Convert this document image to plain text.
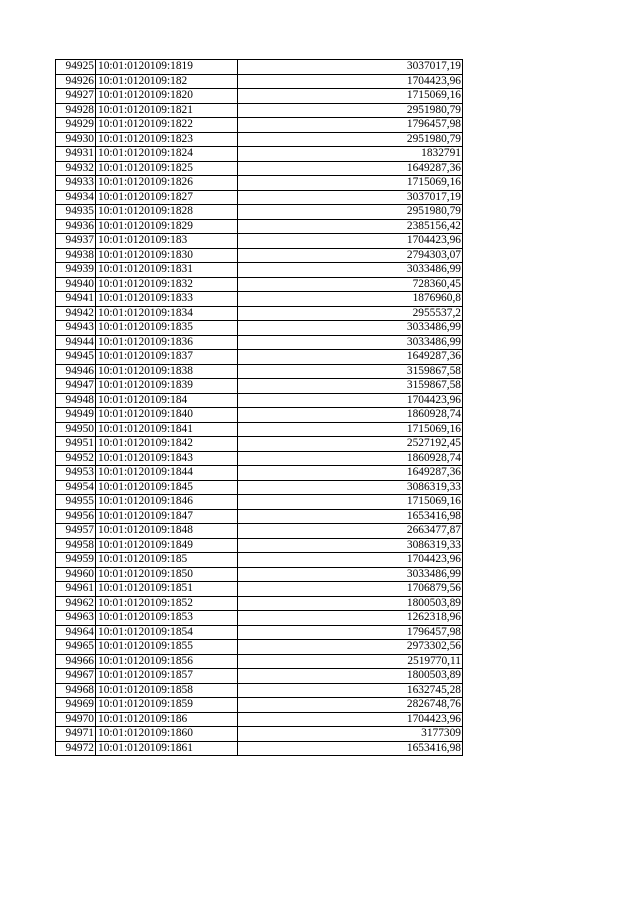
94925	10:01:0120109:1819	3037017,19
94926	10:01:0120109:182	1704423,96
94927	10:01:0120109:1820	1715069,16
94928	10:01:0120109:1821	2951980,79
94929	10:01:0120109:1822	1796457,98
94930	10:01:0120109:1823	2951980,79
94931	10:01:0120109:1824	1832791
94932	10:01:0120109:1825	1649287,36
94933	10:01:0120109:1826	1715069,16
94934	10:01:0120109:1827	3037017,19
94935	10:01:0120109:1828	2951980,79
94936	10:01:0120109:1829	2385156,42
94937	10:01:0120109:183	1704423,96
94938	10:01:0120109:1830	2794303,07
94939	10:01:0120109:1831	3033486,99
94940	10:01:0120109:1832	728360,45
94941	10:01:0120109:1833	1876960,8
94942	10:01:0120109:1834	2955537,2
94943	10:01:0120109:1835	3033486,99
94944	10:01:0120109:1836	3033486,99
94945	10:01:0120109:1837	1649287,36
94946	10:01:0120109:1838	3159867,58
94947	10:01:0120109:1839	3159867,58
94948	10:01:0120109:184	1704423,96
94949	10:01:0120109:1840	1860928,74
94950	10:01:0120109:1841	1715069,16
94951	10:01:0120109:1842	2527192,45
94952	10:01:0120109:1843	1860928,74
94953	10:01:0120109:1844	1649287,36
94954	10:01:0120109:1845	3086319,33
94955	10:01:0120109:1846	1715069,16
94956	10:01:0120109:1847	1653416,98
94957	10:01:0120109:1848	2663477,87
94958	10:01:0120109:1849	3086319,33
94959	10:01:0120109:185	1704423,96
94960	10:01:0120109:1850	3033486,99
94961	10:01:0120109:1851	1706879,56
94962	10:01:0120109:1852	1800503,89
94963	10:01:0120109:1853	1262318,96
94964	10:01:0120109:1854	1796457,98
94965	10:01:0120109:1855	2973302,56
94966	10:01:0120109:1856	2519770,11
94967	10:01:0120109:1857	1800503,89
94968	10:01:0120109:1858	1632745,28
94969	10:01:0120109:1859	2826748,76
94970	10:01:0120109:186	1704423,96
94971	10:01:0120109:1860	3177309
94972	10:01:0120109:1861	1653416,98
